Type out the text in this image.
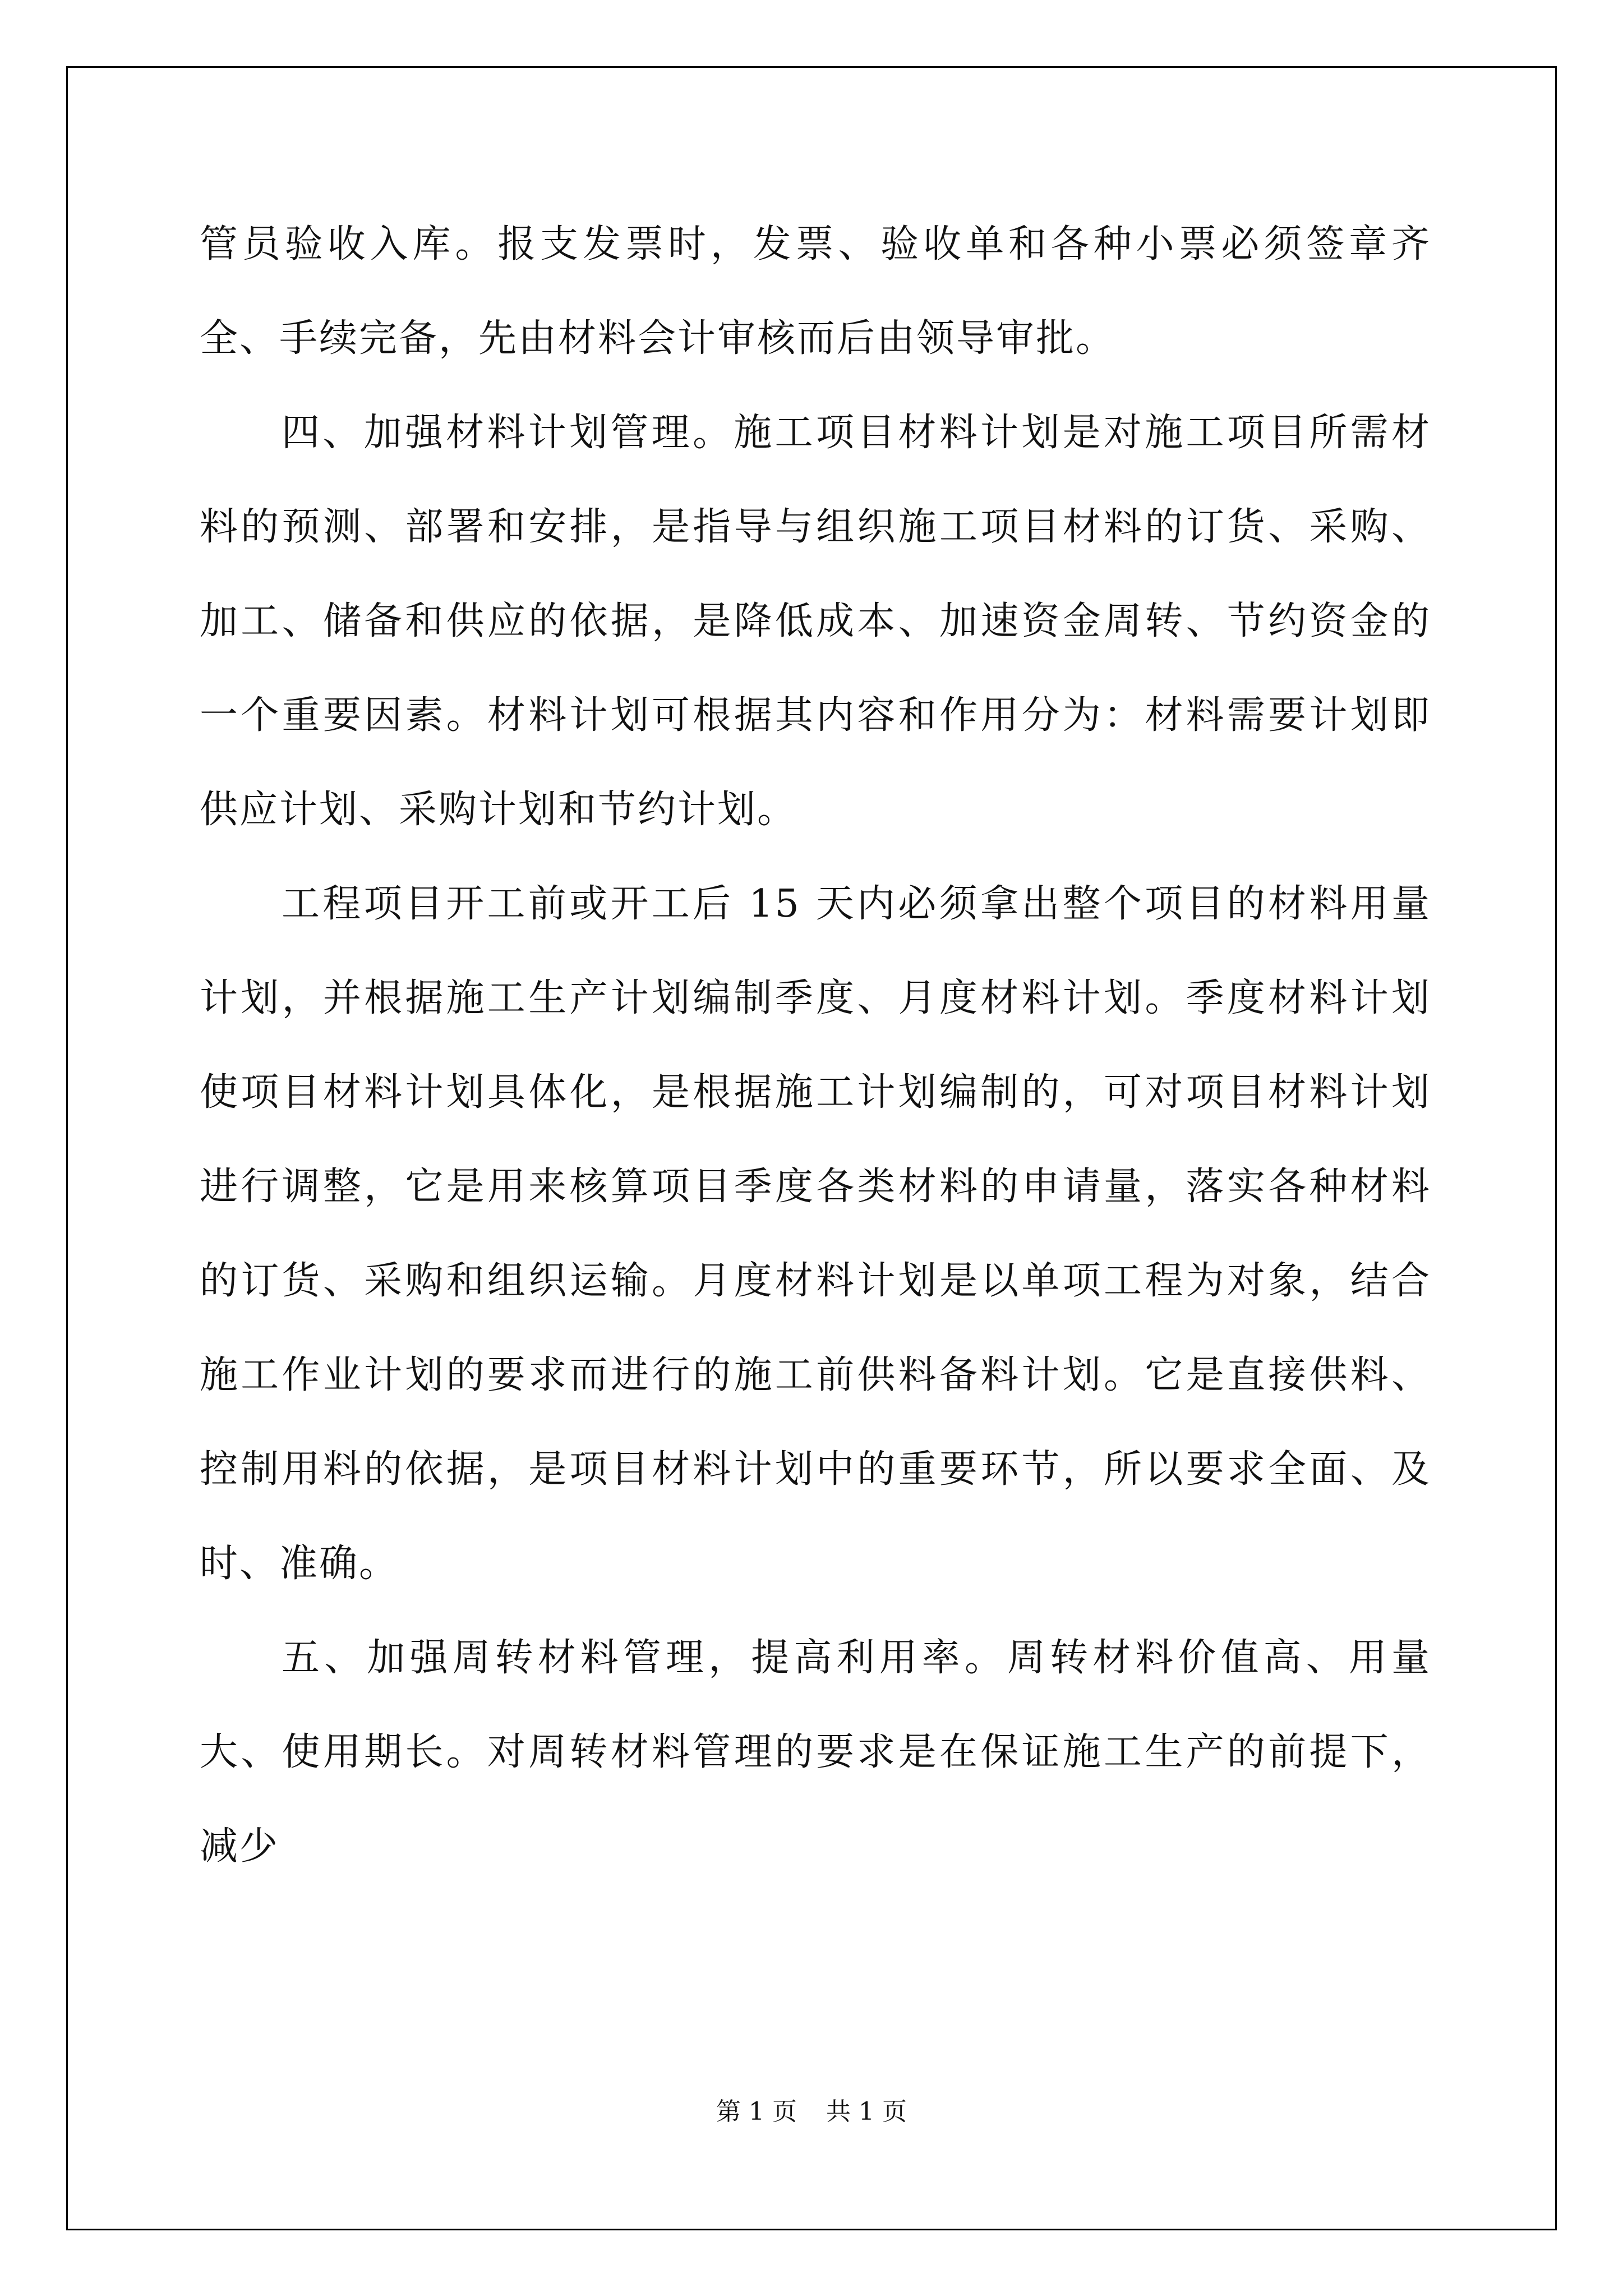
管员验收入库。报支发票时，发票、验收单和各种小票必须签章齐全、手续完备，先由材料会计审核而后由领导审批。

四、加强材料计划管理。施工项目材料计划是对施工项目所需材料的预测、部署和安排，是指导与组织施工项目材料的订货、采购、加工、储备和供应的依据，是降低成本、加速资金周转、节约资金的一个重要因素。材料计划可根据其内容和作用分为：材料需要计划即供应计划、采购计划和节约计划。

工程项目开工前或开工后 15 天内必须拿出整个项目的材料用量计划，并根据施工生产计划编制季度、月度材料计划。季度材料计划使项目材料计划具体化，是根据施工计划编制的，可对项目材料计划进行调整，它是用来核算项目季度各类材料的申请量，落实各种材料的订货、采购和组织运输。月度材料计划是以单项工程为对象，结合施工作业计划的要求而进行的施工前供料备料计划。它是直接供料、控制用料的依据，是项目材料计划中的重要环节，所以要求全面、及时、准确。

五、加强周转材料管理，提高利用率。周转材料价值高、用量大、使用期长。对周转材料管理的要求是在保证施工生产的前提下，减少

第 1 页 共 1 页
